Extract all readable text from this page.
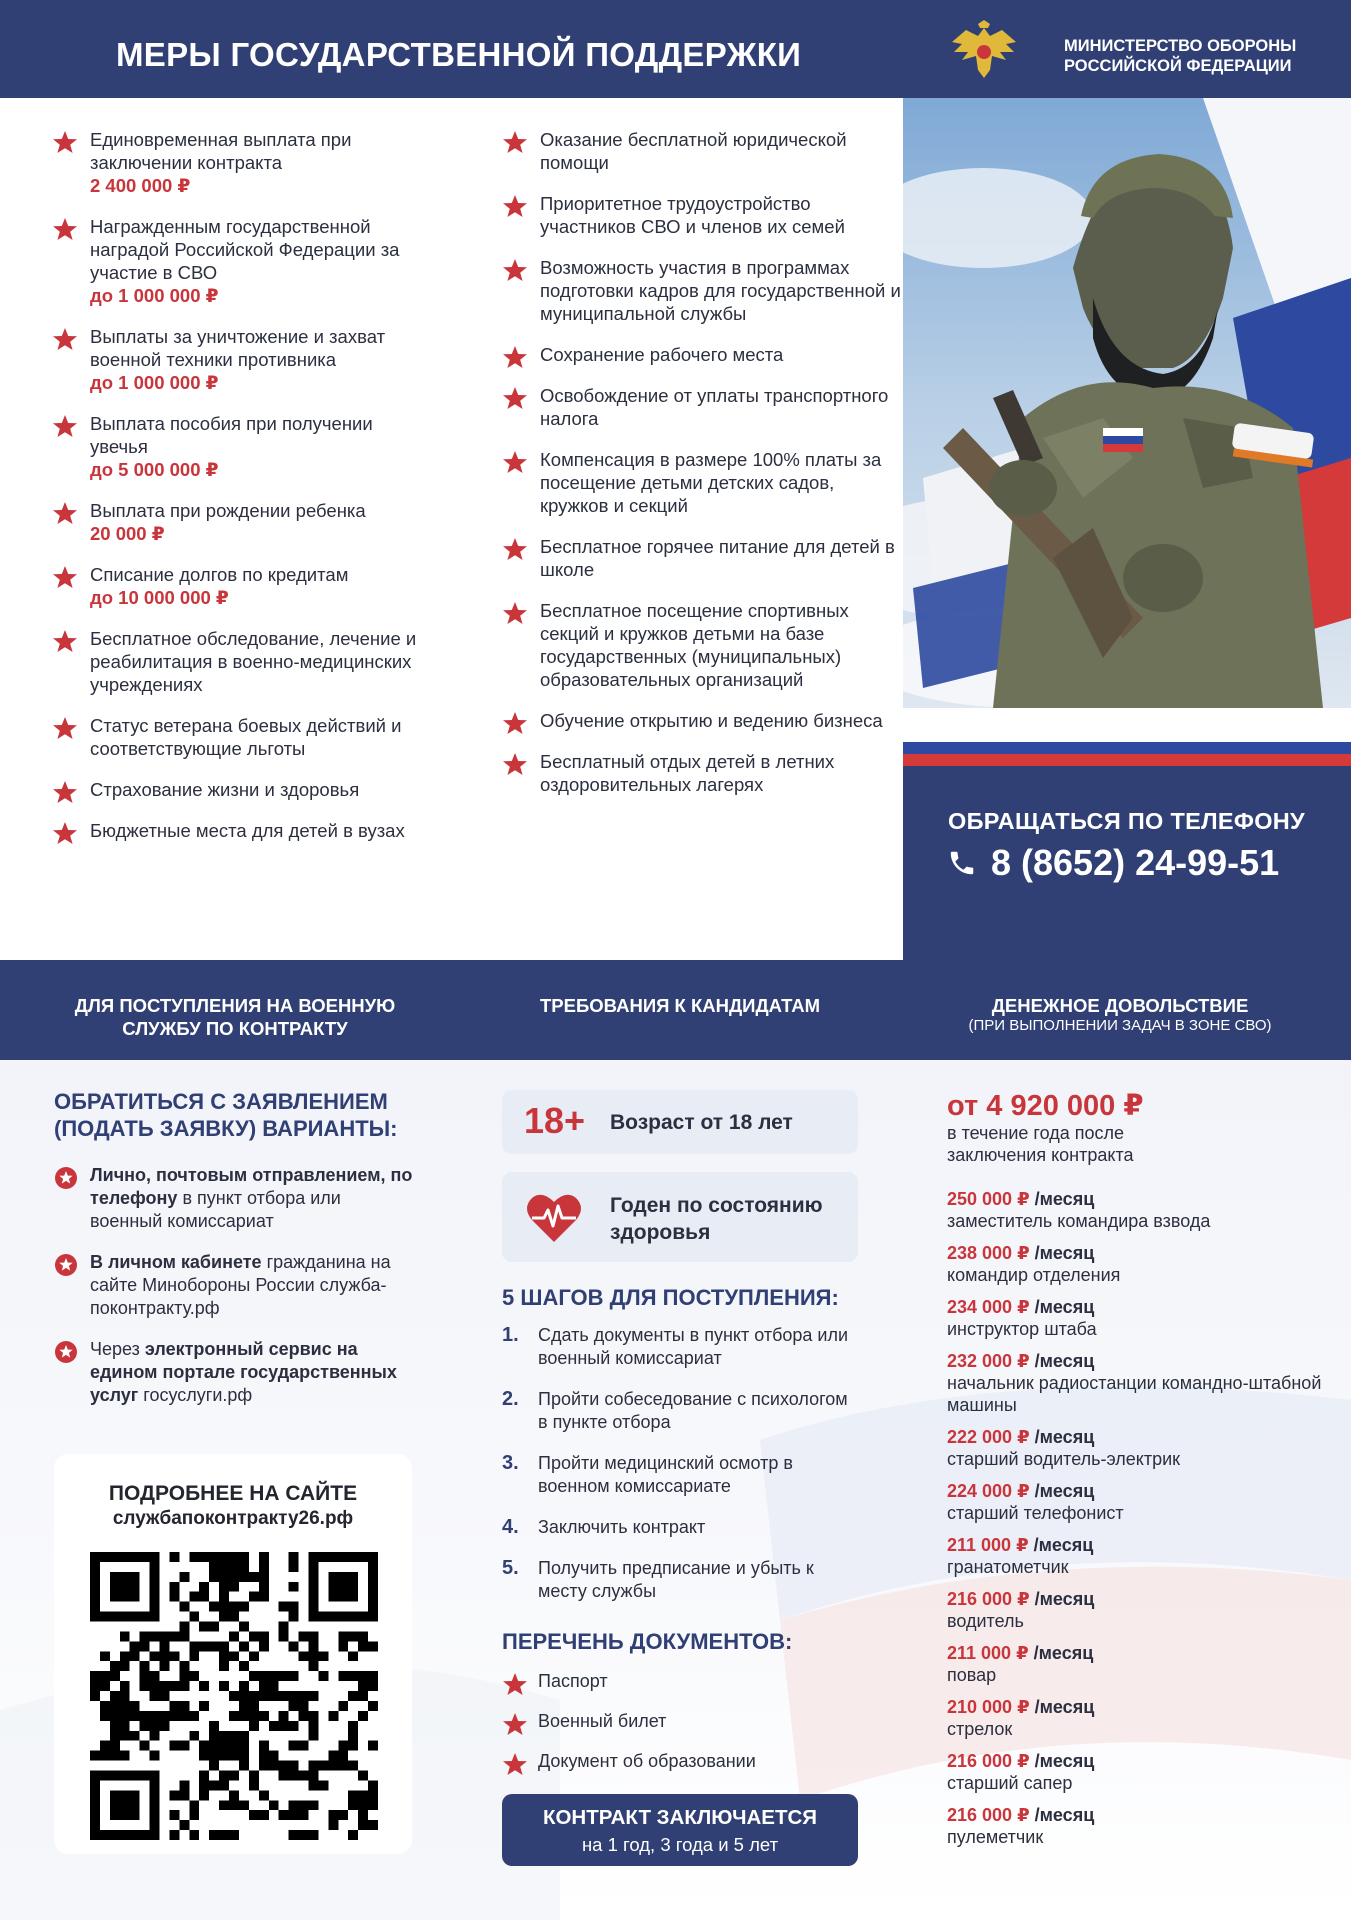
МЕРЫ ГОСУДАРСТВЕННОЙ ПОДДЕРЖКИ	МИНИСТЕРСТВО ОБОРОНЫ
РОССИЙСКОЙ ФЕДЕРАЦИИ
Единовременная выплата при заключении контракта
2 400 000 ₽
Награжденным государственной наградой Российской Федерации за участие в СВО
до 1 000 000 ₽
Выплаты за уничтожение и захват военной техники противника
до 1 000 000 ₽
Выплата пособия при получении увечья
до 5 000 000 ₽
Выплата при рождении ребенка
20 000 ₽
Списание долгов по кредитам
до 10 000 000 ₽
Бесплатное обследование, лечение и реабилитация в военно-медицинских учреждениях
Статус ветерана боевых действий и соответствующие льготы
Страхование жизни и здоровья
Бюджетные места для детей в вузах
Оказание бесплатной юридической помощи
Приоритетное трудоустройство участников СВО и членов их семей
Возможность участия в программах подготовки кадров для государственной и муниципальной службы
Сохранение рабочего места
Освобождение от уплаты транспортного налога
Компенсация в размере 100% платы за посещение детьми детских садов, кружков и секций
Бесплатное горячее питание для детей в школе
Бесплатное посещение спортивных секций и кружков детьми на базе государственных (муниципальных) образовательных организаций
Обучение открытию и ведению бизнеса
Бесплатный отдых детей в летних оздоровительных лагерях
ОБРАЩАТЬСЯ ПО ТЕЛЕФОНУ
8 (8652) 24-99-51
ДЛЯ ПОСТУПЛЕНИЯ НА ВОЕННУЮ СЛУЖБУ ПО КОНТРАКТУ
ТРЕБОВАНИЯ К КАНДИДАТАМ	ДЕНЕЖНОЕ ДОВОЛЬСТВИЕ
(ПРИ ВЫПОЛНЕНИИ ЗАДАЧ В ЗОНЕ СВО)
ОБРАТИТЬСЯ С ЗАЯВЛЕНИЕМ (ПОДАТЬ ЗАЯВКУ) ВАРИАНТЫ:
Лично, почтовым отправлением, по телефону в пункт отбора или военный комиссариат
В личном кабинете гражданина на сайте Минобороны России службапоконтракту.рф
Через электронный сервис на едином портале государственных услуг госуслуги.рф
ПОДРОБНЕЕ НА САЙТЕ
службапоконтракту26.рф
18+ Возраст от 18 лет
Годен по состоянию здоровья
5 ШАГОВ ДЛЯ ПОСТУПЛЕНИЯ:
1. Сдать документы в пункт отбора или военный комиссариат
2. Пройти собеседование с психологом в пункте отбора
3. Пройти медицинский осмотр в военном комиссариате
4. Заключить контракт
5. Получить предписание и убыть к месту службы
ПЕРЕЧЕНЬ ДОКУМЕНТОВ:
Паспорт
Военный билет
Документ об образовании
КОНТРАКТ ЗАКЛЮЧАЕТСЯ
на 1 год, 3 года и 5 лет
от 4 920 000 ₽
в течение года после заключения контракта
250 000 ₽ /месяц
заместитель командира взвода
238 000 ₽ /месяц
командир отделения
234 000 ₽ /месяц
инструктор штаба
232 000 ₽ /месяц
начальник радиостанции командно-штабной машины
222 000 ₽ /месяц
старший водитель-электрик
224 000 ₽ /месяц
старший телефонист
211 000 ₽ /месяц
гранатометчик
216 000 ₽ /месяц
водитель
211 000 ₽ /месяц
повар
210 000 ₽ /месяц
стрелок
216 000 ₽ /месяц
старший сапер
216 000 ₽ /месяц
пулеметчик
